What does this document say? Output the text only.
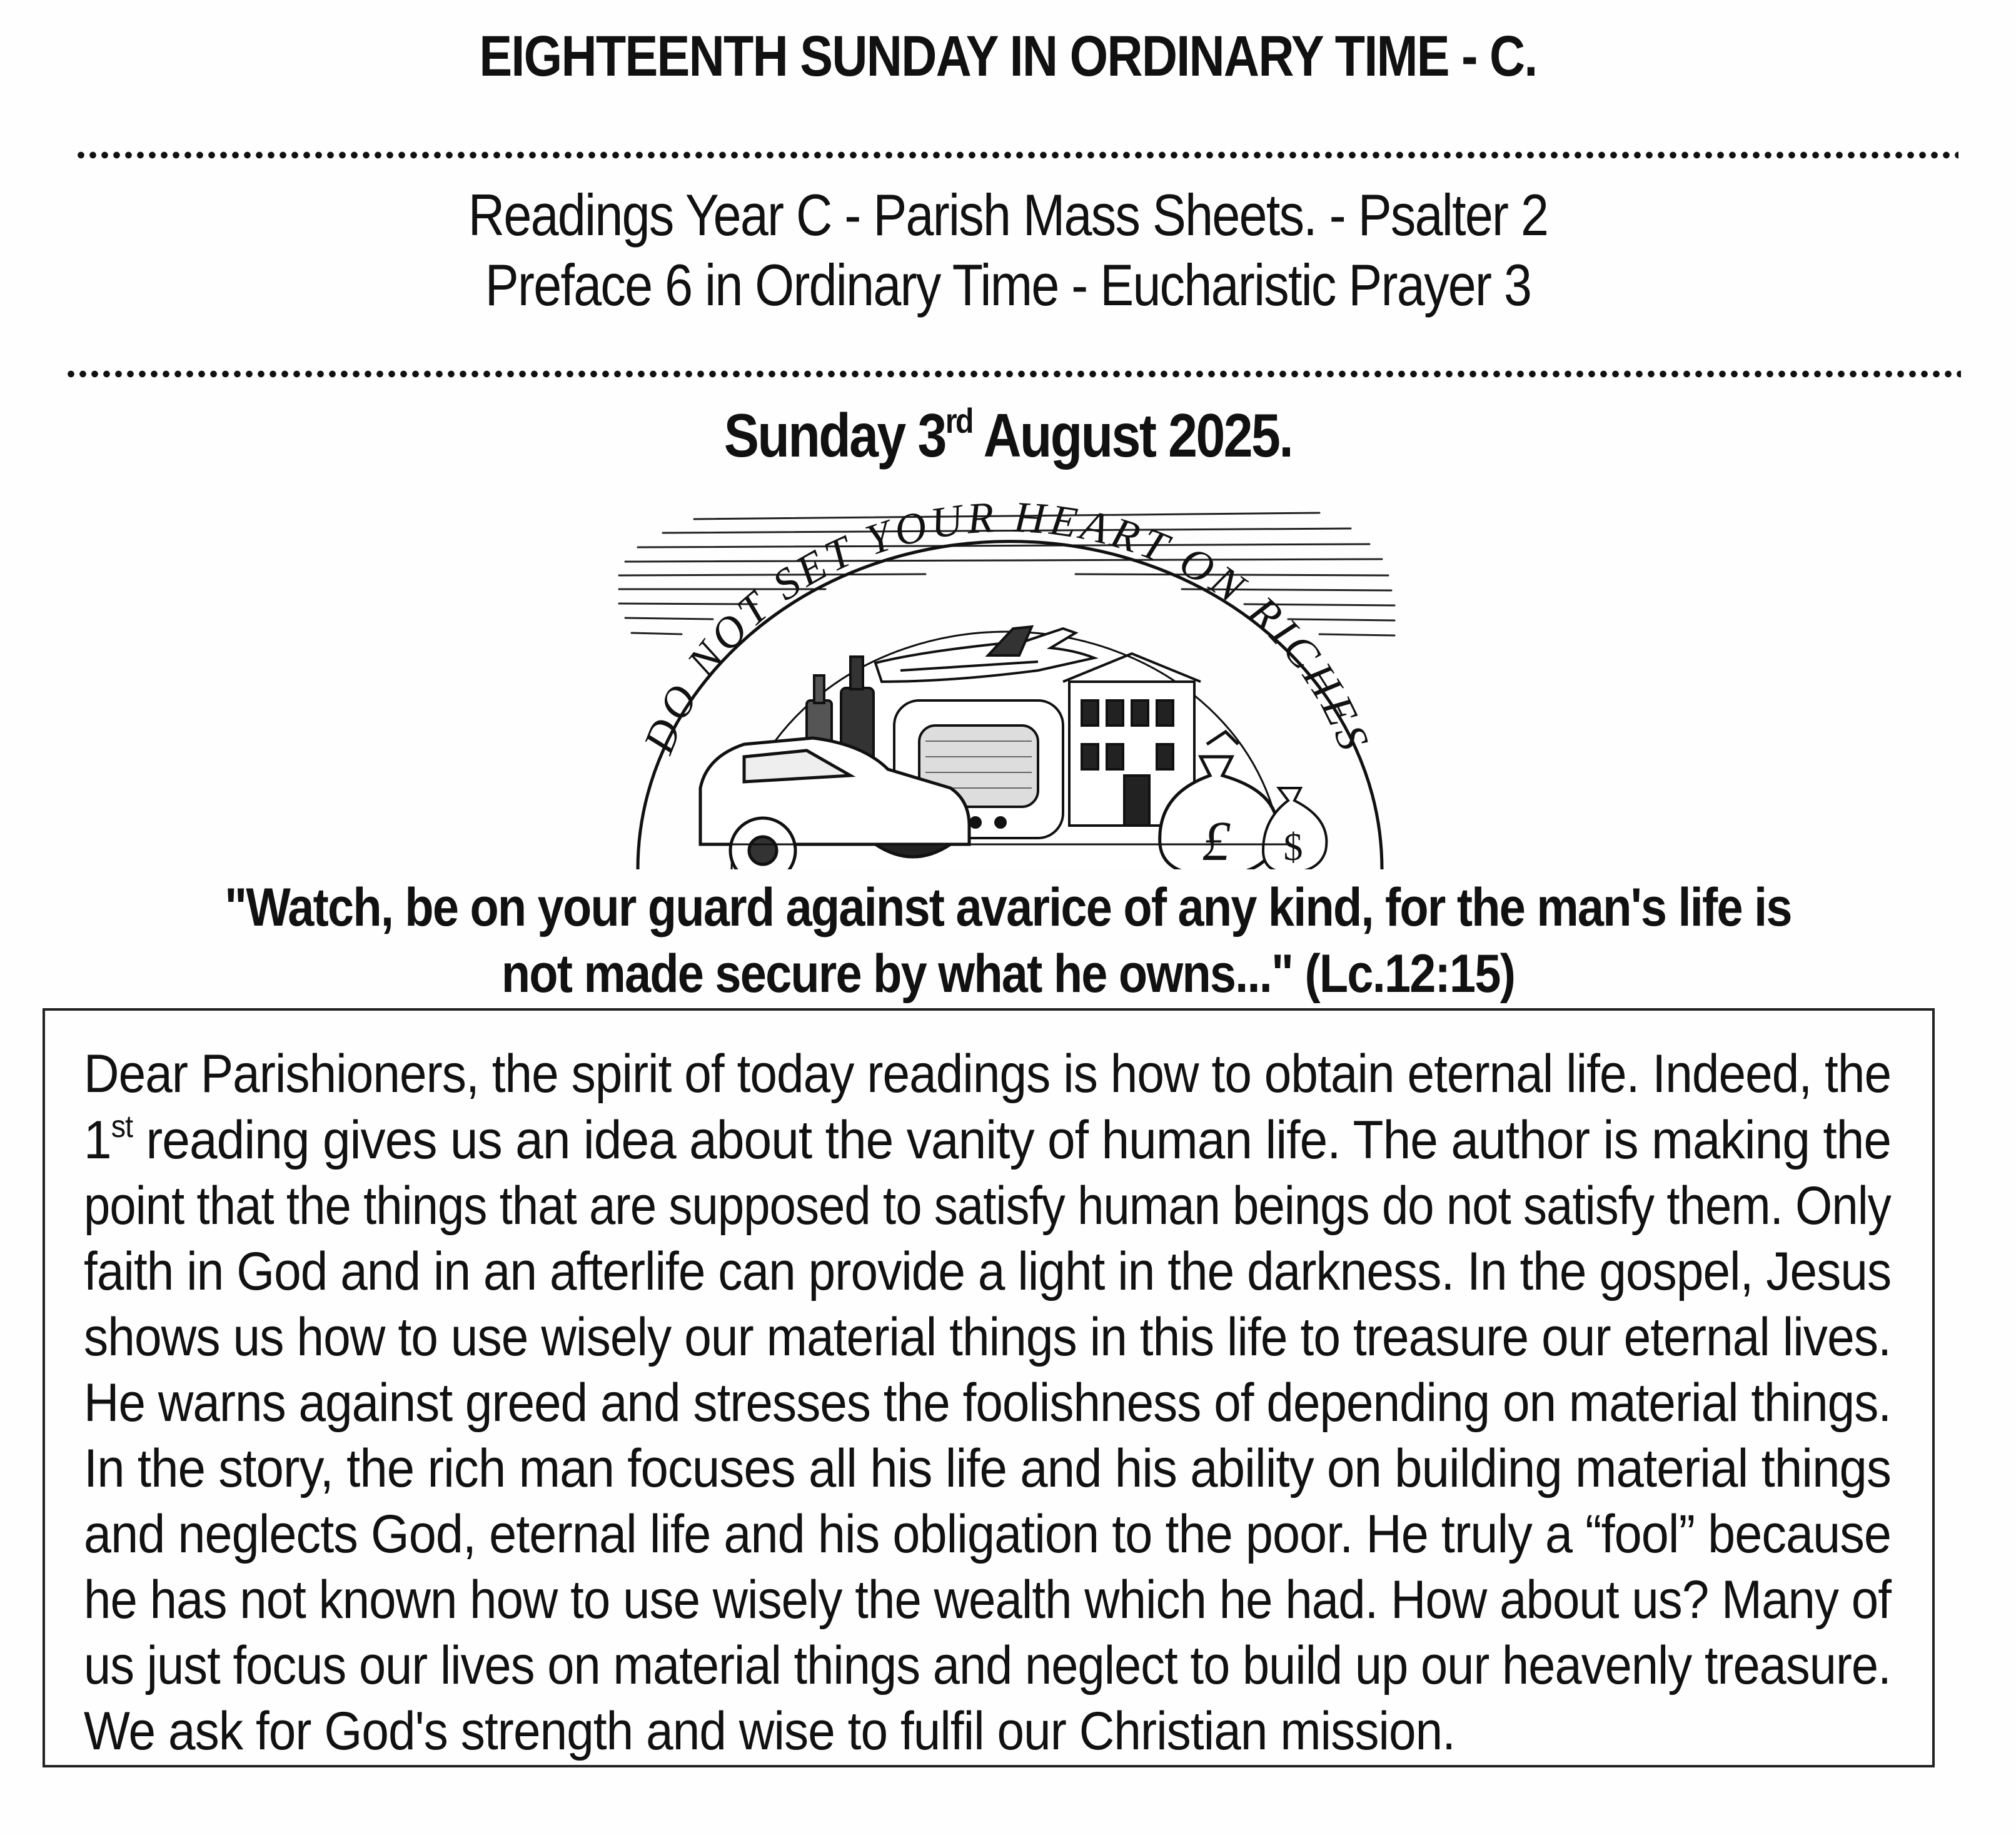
EIGHTEENTH SUNDAY IN ORDINARY TIME - C.
Readings Year C - Parish Mass Sheets. - Psalter 2
Preface 6 in Ordinary Time - Eucharistic Prayer 3
Sunday 3rd August 2025.
DO NOT SET YOUR HEART ON RICHES
£ $
"Watch, be on your guard against avarice of any kind, for the man's life is
not made secure by what he owns..." (Lc.12:15)
Dear Parishioners, the spirit of today readings is how to obtain eternal life. Indeed, the
1st reading gives us an idea about the vanity of human life. The author is making the
point that the things that are supposed to satisfy human beings do not satisfy them. Only
faith in God and in an afterlife can provide a light in the darkness. In the gospel, Jesus
shows us how to use wisely our material things in this life to treasure our eternal lives.
He warns against greed and stresses the foolishness of depending on material things.
In the story, the rich man focuses all his life and his ability on building material things
and neglects God, eternal life and his obligation to the poor. He truly a “fool” because
he has not known how to use wisely the wealth which he had. How about us? Many of
us just focus our lives on material things and neglect to build up our heavenly treasure.
We ask for God's strength and wise to fulfil our Christian mission.
